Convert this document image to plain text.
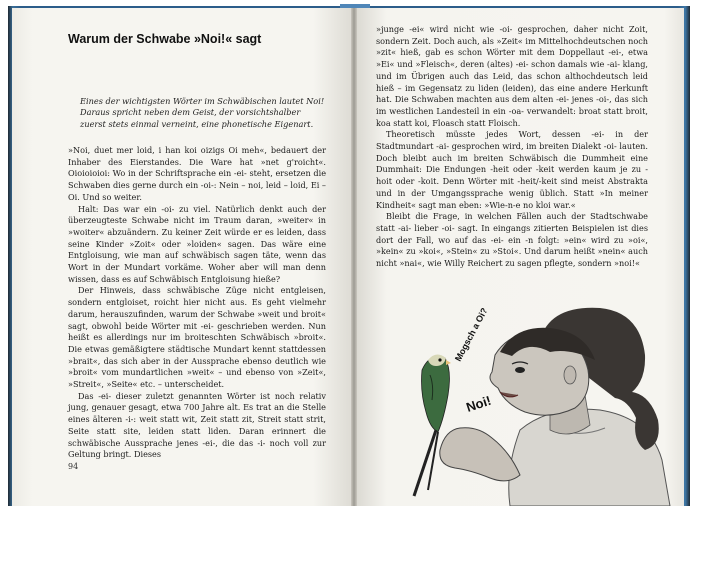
Warum der Schwabe »Noi!« sagt
Eines der wichtigsten Wörter im Schwäbischen lautet Noi! Daraus spricht neben dem Geist, der vorsichtshalber zuerst stets einmal verneint, eine phonetische Eigenart.

»Noi, duet mer loid, i han koi oizigs Oi meh«, bedauert der Inhaber des Eierstandes. Die Ware hat »net g'roicht«. Oioioioioi: Wo in der Schriftsprache ein -ei- steht, ersetzen die Schwaben dies gerne durch ein -oi-: Nein – noi, leid – loid, Ei – Oi. Und so weiter.

Halt: Das war ein -oi- zu viel. Natürlich denkt auch der überzeugteste Schwabe nicht im Traum daran, »weiter« in »woiter« abzuändern. Zu keiner Zeit würde er es leiden, dass seine Kinder »Zoit« oder »loiden« sagen. Das wäre eine Entgloisung, wie man auf schwäbisch sagen täte, wenn das Wort in der Mundart vorkäme. Woher aber will man denn wissen, dass es auf Schwäbisch Entgloisung hieße?

Der Hinweis, dass schwäbische Züge nicht entgleisen, sondern entgloiset, roicht hier nicht aus. Es geht vielmehr darum, herauszufinden, warum der Schwabe »weit und broit« sagt, obwohl beide Wörter mit -ei- geschrieben werden. Nun heißt es allerdings nur im broiteschten Schwäbisch »broit«. Die etwas gemäßigtere städtische Mundart kennt stattdessen »brait«, das sich aber in der Aussprache ebenso deutlich wie »broit« vom mundartlichen »weit« – und ebenso von »Zeit«, »Streit«, »Seite« etc. – unterscheidet.

Das -ei- dieser zuletzt genannten Wörter ist noch relativ jung, genauer gesagt, etwa 700 Jahre alt. Es trat an die Stelle eines älteren -i-: weit statt wit, Zeit statt zit, Streit statt strit, Seite statt site, leiden statt liden. Daran erinnert die schwäbische Aussprache jenes -ei-, die das -i- noch voll zur Geltung bringt. Dieses

94

»junge -ei« wird nicht wie -oi- gesprochen, daher nicht Zoit, sondern Zeit. Doch auch, als »Zeit« im Mittelhochdeutschen noch »zit« hieß, gab es schon Wörter mit dem Doppellaut -ei-, etwa »Ei« und »Fleisch«, deren (altes) -ei- schon damals wie -ai- klang, und im Übrigen auch das Leid, das schon althochdeutsch leid hieß – im Gegensatz zu liden (leiden), das eine andere Herkunft hat. Die Schwaben machten aus dem alten -ei- jenes -oi-, das sich im westlichen Landesteil in ein -oa- verwandelt: broat statt broit, koa statt koi, Floasch statt Floisch.

Theoretisch müsste jedes Wort, dessen -ei- in der Stadtmundart -ai- gesprochen wird, im breiten Dialekt -oi- lauten. Doch bleibt auch im breiten Schwäbisch die Dummheit eine Dummhait: Die Endungen -heit oder -keit werden kaum je zu -hoit oder -koit. Denn Wörter mit -heit/-keit sind meist Abstrakta und in der Umgangssprache wenig üblich. Statt »In meiner Kindheit« sagt man eben: »Wie-n-e no kloi war.«

Bleibt die Frage, in welchen Fällen auch der Stadtschwabe statt -ai- lieber -oi- sagt. In eingangs zitierten Beispielen ist dies dort der Fall, wo auf das -ei- ein -n folgt: »ein« wird zu »oi«, »kein« zu »koi«, »Stein« zu »Stoi«. Und darum heißt »nein« auch nicht »nai«, wie Willy Reichert zu sagen pflegte, sondern »noi!«

Mogsch a Oi?
Noi!
